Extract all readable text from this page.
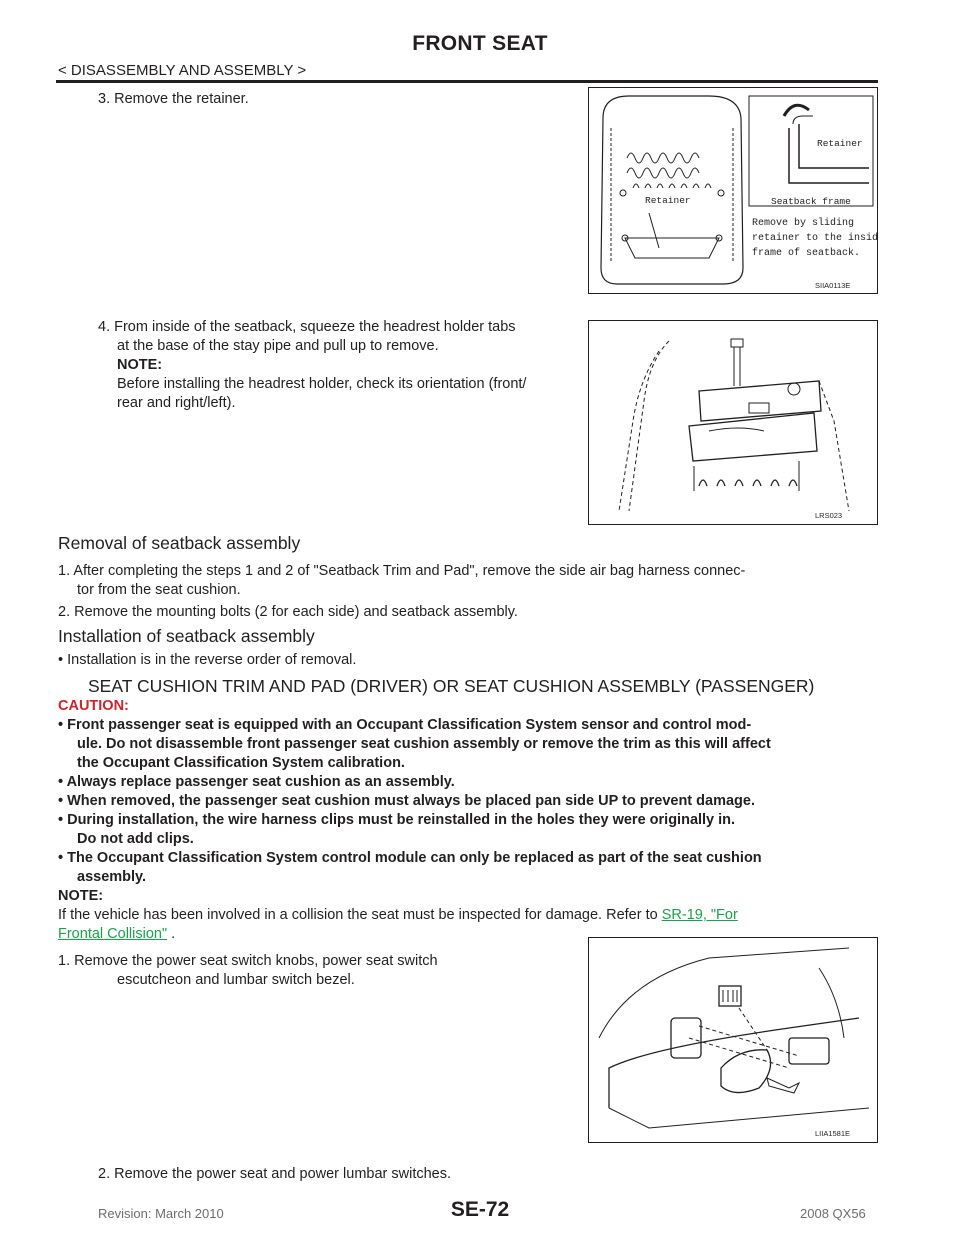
FRONT SEAT
< DISASSEMBLY AND ASSEMBLY >
3. Remove the retainer.
Retainer
Retainer
Seatback frame
Remove by sliding
retainer to the inside
frame of seatback.
SIIA0113E
4. From inside of the seatback, squeeze the headrest holder tabs
at the base of the stay pipe and pull up to remove.
NOTE:
Before installing the headrest holder, check its orientation (front/
rear and right/left).
LRS023
Removal of seatback assembly
1. After completing the steps 1 and 2 of "Seatback Trim and Pad", remove the side air bag harness connec-
tor from the seat cushion.
2. Remove the mounting bolts (2 for each side) and seatback assembly.
Installation of seatback assembly
• Installation is in the reverse order of removal.
SEAT CUSHION TRIM AND PAD (DRIVER) OR SEAT CUSHION ASSEMBLY (PASSENGER)
CAUTION:
• Front passenger seat is equipped with an Occupant Classification System sensor and control mod-
ule. Do not disassemble front passenger seat cushion assembly or remove the trim as this will affect
the Occupant Classification System calibration.
• Always replace passenger seat cushion as an assembly.
• When removed, the passenger seat cushion must always be placed pan side UP to prevent damage.
• During installation, the wire harness clips must be reinstalled in the holes they were originally in.
Do not add clips.
• The Occupant Classification System control module can only be replaced as part of the seat cushion
assembly.
NOTE:
If the vehicle has been involved in a collision the seat must be inspected for damage. Refer to SR-19, "For
Frontal Collision" .
1. Remove the power seat switch knobs, power seat switch
escutcheon and lumbar switch bezel.
LIIA1581E
2. Remove the power seat and power lumbar switches.
Revision: March 2010	SE-72	2008 QX56
